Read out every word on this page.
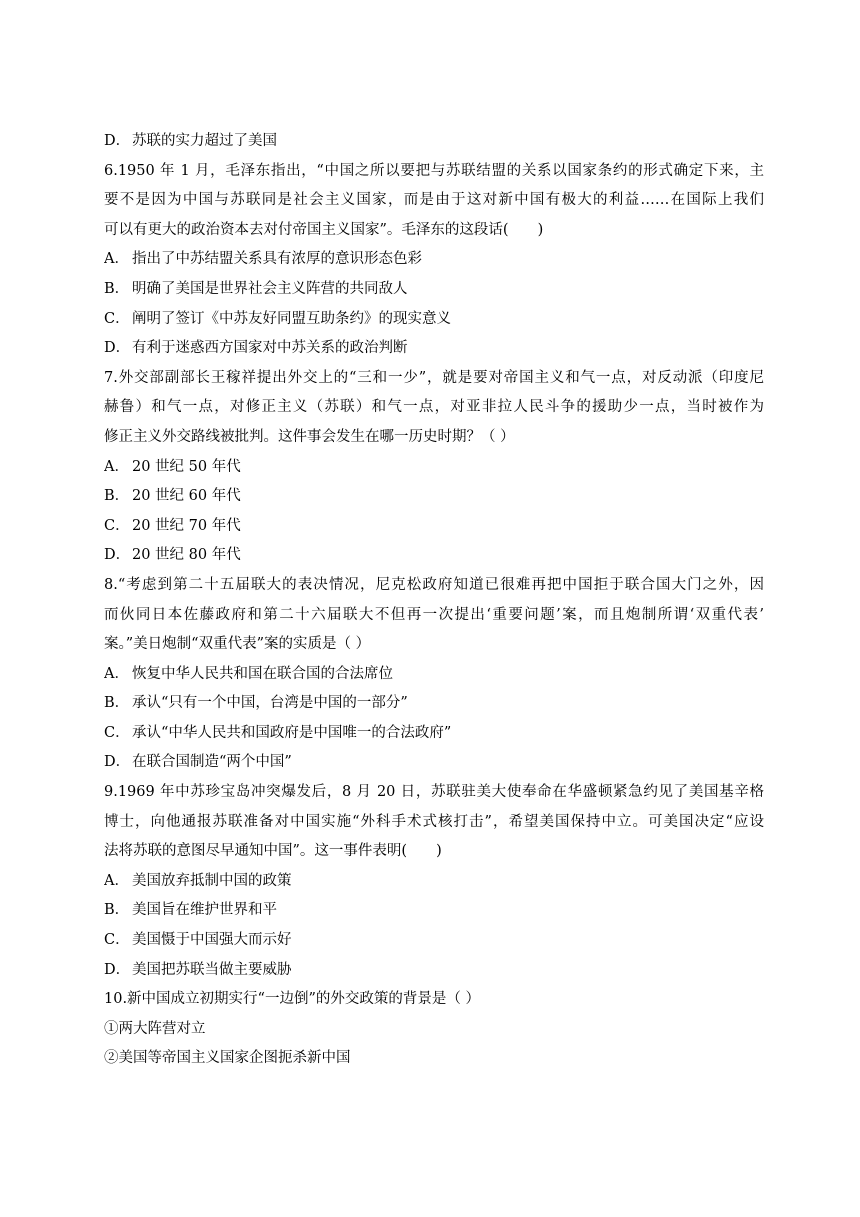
D． 苏联的实力超过了美国
6.1950 年 1 月，毛泽东指出，“中国之所以要把与苏联结盟的关系以国家条约的形式确定下来，主
要不是因为中国与苏联同是社会主义国家，而是由于这对新中国有极大的利益……在国际上我们
可以有更大的政治资本去对付帝国主义国家”。毛泽东的这段话(　　)
A． 指出了中苏结盟关系具有浓厚的意识形态色彩
B． 明确了美国是世界社会主义阵营的共同敌人
C． 阐明了签订《中苏友好同盟互助条约》的现实意义
D． 有利于迷惑西方国家对中苏关系的政治判断
7.外交部副部长王稼祥提出外交上的“三和一少”，就是要对帝国主义和气一点，对反动派（印度尼
赫鲁）和气一点，对修正主义（苏联）和气一点，对亚非拉人民斗争的援助少一点，当时被作为
修正主义外交路线被批判。这件事会发生在哪一历史时期？（ ）
A． 20 世纪 50 年代
B． 20 世纪 60 年代
C． 20 世纪 70 年代
D． 20 世纪 80 年代
8.“考虑到第二十五届联大的表决情况，尼克松政府知道已很难再把中国拒于联合国大门之外，因
而伙同日本佐藤政府和第二十六届联大不但再一次提出‘重要问题’案，而且炮制所谓‘双重代表’
案。”美日炮制“双重代表”案的实质是（ ）
A． 恢复中华人民共和国在联合国的合法席位
B． 承认“只有一个中国，台湾是中国的一部分”
C． 承认“中华人民共和国政府是中国唯一的合法政府”
D． 在联合国制造“两个中国”
9.1969 年中苏珍宝岛冲突爆发后，8 月 20 日，苏联驻美大使奉命在华盛顿紧急约见了美国基辛格
博士，向他通报苏联准备对中国实施“外科手术式核打击”，希望美国保持中立。可美国决定“应设
法将苏联的意图尽早通知中国”。这一事件表明(　　)
A． 美国放弃抵制中国的政策
B． 美国旨在维护世界和平
C． 美国慑于中国强大而示好
D． 美国把苏联当做主要威胁
10.新中国成立初期实行“一边倒”的外交政策的背景是（ ）
①两大阵营对立
②美国等帝国主义国家企图扼杀新中国
